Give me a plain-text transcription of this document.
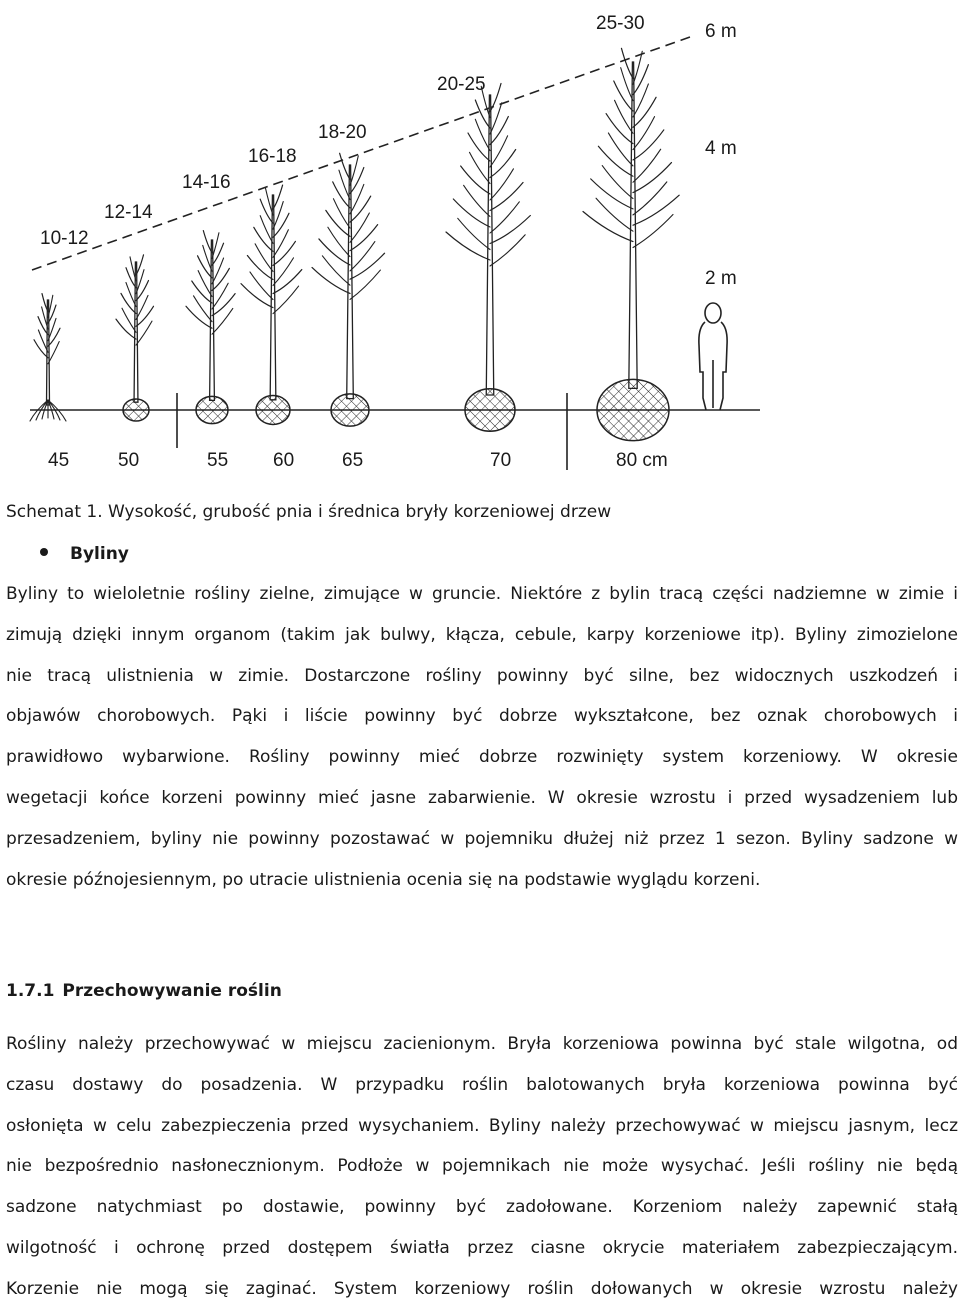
10-12
12-14
14-16
16-18
18-20
20-25
25-30	6 m
4 m
2 m
45	50	55 60	65	70	80 cm
Schemat 1. Wysokość, grubość pnia i średnica bryły korzeniowej drzew
Byliny
Byliny to wieloletnie rośliny zielne, zimujące w gruncie. Niektóre z bylin tracą części nadziemne w zimie i
zimują dzięki innym organom (takim jak bulwy, kłącza, cebule, karpy korzeniowe itp). Byliny zimozielone
nie tracą ulistnienia w zimie. Dostarczone rośliny powinny być silne, bez widocznych uszkodzeń i
objawów chorobowych. Pąki i liście powinny być dobrze wykształcone, bez oznak chorobowych i
prawidłowo wybarwione. Rośliny powinny mieć dobrze rozwinięty system korzeniowy. W okresie
wegetacji końce korzeni powinny mieć jasne zabarwienie. W okresie wzrostu i przed wysadzeniem lub
przesadzeniem, byliny nie powinny pozostawać w pojemniku dłużej niż przez 1 sezon. Byliny sadzone w
okresie późnojesiennym, po utracie ulistnienia ocenia się na podstawie wyglądu korzeni.
1.7.1 Przechowywanie roślin
Rośliny należy przechowywać w miejscu zacienionym. Bryła korzeniowa powinna być stale wilgotna, od
czasu dostawy do posadzenia. W przypadku roślin balotowanych bryła korzeniowa powinna być
osłonięta w celu zabezpieczenia przed wysychaniem. Byliny należy przechowywać w miejscu jasnym, lecz
nie bezpośrednio nasłonecznionym. Podłoże w pojemnikach nie może wysychać. Jeśli rośliny nie będą
sadzone natychmiast po dostawie, powinny być zadołowane. Korzeniom należy zapewnić stałą
wilgotność i ochronę przed dostępem światła przez ciasne okrycie materiałem zabezpieczającym.
Korzenie nie mogą się zaginać. System korzeniowy roślin dołowanych w okresie wzrostu należy
